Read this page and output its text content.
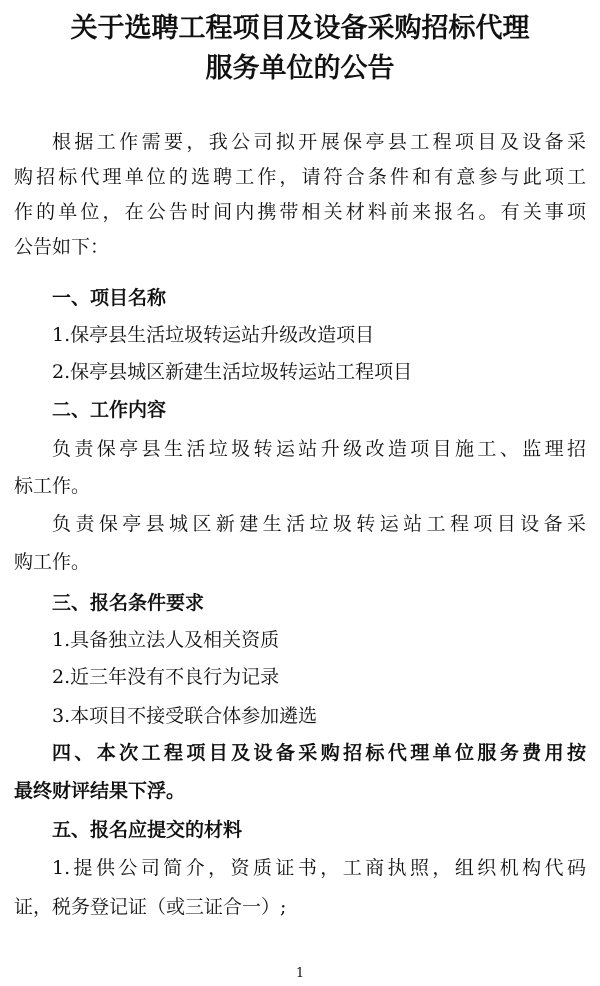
关于选聘工程项目及设备采购招标代理
服务单位的公告

根据工作需要，我公司拟开展保亭县工程项目及设备采

购招标代理单位的选聘工作，请符合条件和有意参与此项工

作的单位，在公告时间内携带相关材料前来报名。有关事项

公告如下：

一、项目名称

1.保亭县生活垃圾转运站升级改造项目

2.保亭县城区新建生活垃圾转运站工程项目

二、工作内容

负责保亭县生活垃圾转运站升级改造项目施工、监理招

标工作。

负责保亭县城区新建生活垃圾转运站工程项目设备采

购工作。

三、报名条件要求

1.具备独立法人及相关资质

2.近三年没有不良行为记录

3.本项目不接受联合体参加遴选

四、本次工程项目及设备采购招标代理单位服务费用按

最终财评结果下浮。

五、报名应提交的材料

1.提供公司简介，资质证书，工商执照，组织机构代码

证，税务登记证（或三证合一）;

1
